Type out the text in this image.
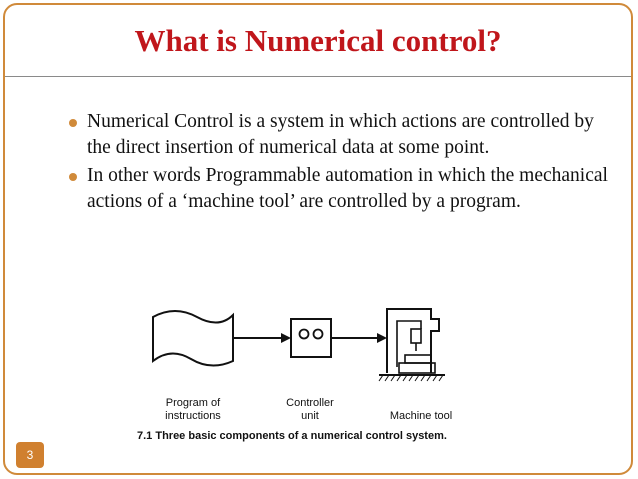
What is Numerical control?
Numerical Control is a system in which actions are controlled by the direct insertion of numerical data at some point.
In other words Programmable automation in which the mechanical actions of a ‘machine tool’ are controlled by a program.
Program of
instructions
Controller
unit	Machine tool
7.1 Three basic components of a numerical control system.
3
